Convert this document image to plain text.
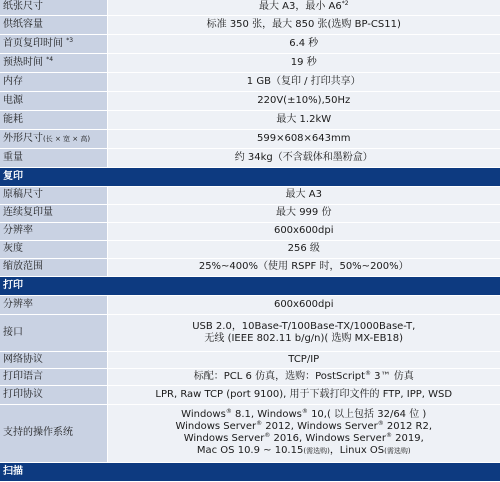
纸张尺寸	最大 A3，最小 A6$^{*2}$
供纸容量	标准 350 张，最大 850 张(选购 BP-CS11)
首页复印时间 $^{*3}$	6.4 秒
预热时间 $^{*4}$	19 秒
内存	1 GB（复印 / 打印共享）
电源	220V(±10%),50Hz
能耗	最大 1.2kW
外形尺寸(长 × 宽 × 高)	599×608×643mm
重量	约 34kg（不含载体和墨粉盒）
复印	
原稿尺寸	最大 A3
连续复印量	最大 999 份
分辨率	600x600dpi
灰度	256 级
缩放范围	25%~400%（使用 RSPF 时，50%~200%）
打印	
分辨率	600x600dpi
接口	USB 2.0，10Base-T/100Base-TX/1000Base-T,
无线 (IEEE 802.11 b/g/n)( 选购 MX-EB18)

网络协议	TCP/IP
打印语言	标配：PCL 6 仿真，选购：PostScript® 3™ 仿真
打印协议	LPR, Raw TCP (port 9100), 用于下载打印文件的 FTP, IPP, WSD
支持的操作系统	Windows® 8.1, Windows® 10,( 以上包括 32/64 位 )
Windows Server® 2012, Windows Server® 2012 R2,
Windows Server® 2016, Windows Server® 2019,
Mac OS 10.9 ~ 10.15(需选购)，Linux OS(需选购)

扫描	
